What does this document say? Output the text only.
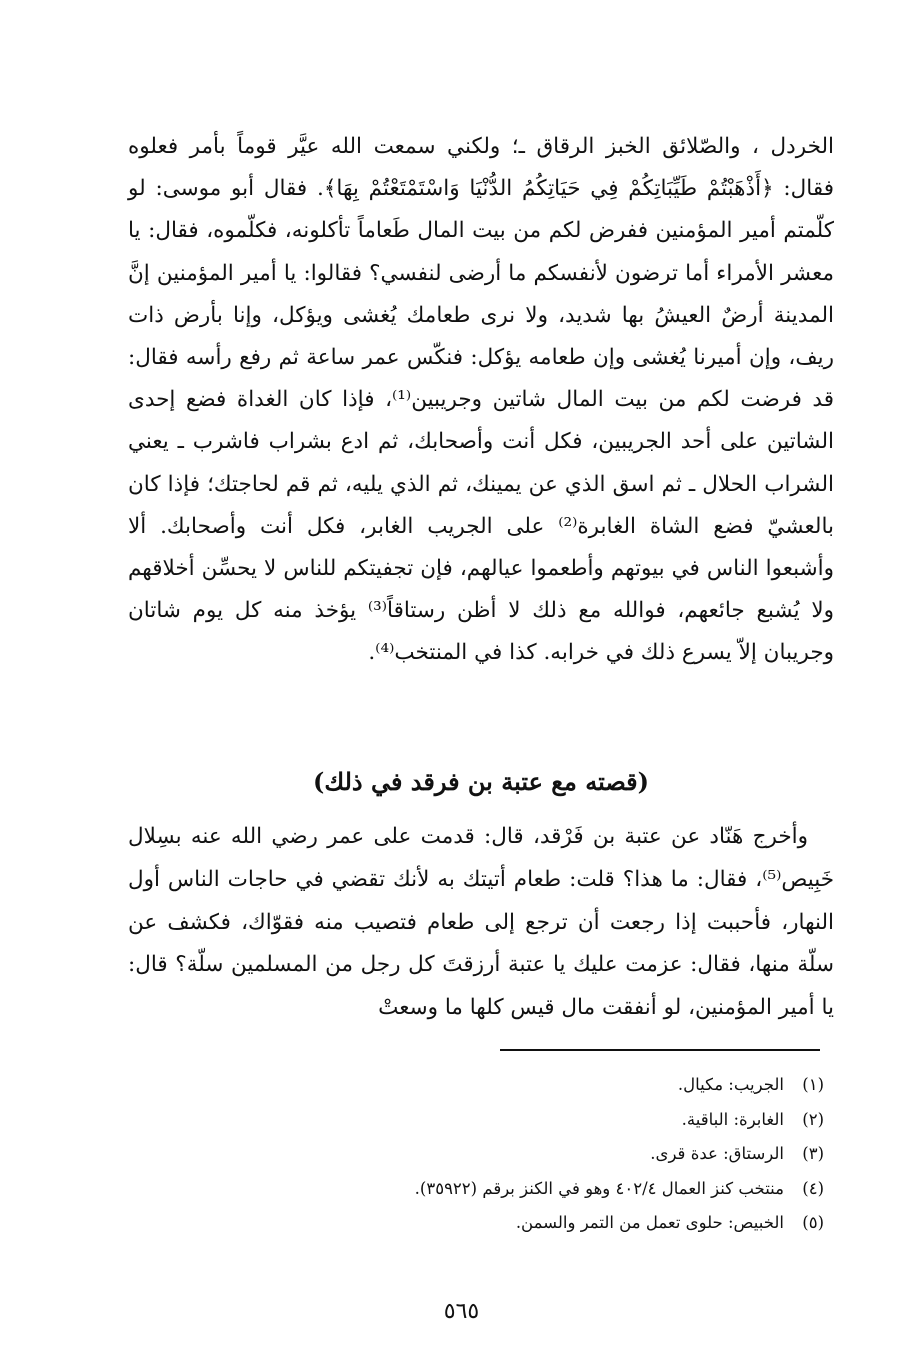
الخردل ، والصّلائق الخبز الرقاق ـ؛ ولكني سمعت الله عيَّر قوماً بأمر فعلوه فقال: ﴿أَذْهَبْتُمْ طَيِّبَاتِكُمْ فِي حَيَاتِكُمُ الدُّنْيَا وَاسْتَمْتَعْتُمْ بِهَا﴾. فقال أبو موسى: لو كلّمتم أمير المؤمنين ففرض لكم من بيت المال طَعاماً تأكلونه، فكلّموه، فقال: يا معشر الأمراء أما ترضون لأنفسكم ما أرضى لنفسي؟ فقالوا: يا أمير المؤمنين إنَّ المدينة أرضٌ العيشُ بها شديد، ولا نرى طعامك يُغشى ويؤكل، وإنا بأرض ذات ريف، وإن أميرنا يُغشى وإن طعامه يؤكل: فنكّس عمر ساعة ثم رفع رأسه فقال: قد فرضت لكم من بيت المال شاتين وجريبين⁽¹⁾، فإذا كان الغداة فضع إحدى الشاتين على أحد الجريبين، فكل أنت وأصحابك، ثم ادع بشراب فاشرب ـ يعني الشراب الحلال ـ ثم اسق الذي عن يمينك، ثم الذي يليه، ثم قم لحاجتك؛ فإذا كان بالعشيّ فضع الشاة الغابرة⁽²⁾ على الجريب الغابر، فكل أنت وأصحابك. ألا وأشبعوا الناس في بيوتهم وأطعموا عيالهم، فإن تجفيتكم للناس لا يحسِّن أخلاقهم ولا يُشبع جائعهم، فوالله مع ذلك لا أظن رستاقاً⁽³⁾ يؤخذ منه كل يوم شاتان وجريبان إلاّ يسرع ذلك في خرابه. كذا في المنتخب⁽⁴⁾.

(قصته مع عتبة بن فرقد في ذلك)

وأخرج هَنّاد عن عتبة بن فَرْقد، قال: قدمت على عمر رضي الله عنه بسِلال خَبِيص⁽⁵⁾، فقال: ما هذا؟ قلت: طعام أتيتك به لأنك تقضي في حاجات الناس أول النهار، فأحببت إذا رجعت أن ترجع إلى طعام فتصيب منه فقوّاك، فكشف عن سلّة منها، فقال: عزمت عليك يا عتبة أرزقتَ كل رجل من المسلمين سلّة؟ قال: يا أمير المؤمنين، لو أنفقت مال قيس كلها ما وسعتْ

(١)
الجريب: مكيال.
(٢)
الغابرة: الباقية.
(٣)
الرستاق: عدة قرى.
(٤)
منتخب كنز العمال ٤٠٢/٤ وهو في الكنز برقم (٣٥٩٢٢).
(٥)
الخبيص: حلوى تعمل من التمر والسمن.
٥٦٥
